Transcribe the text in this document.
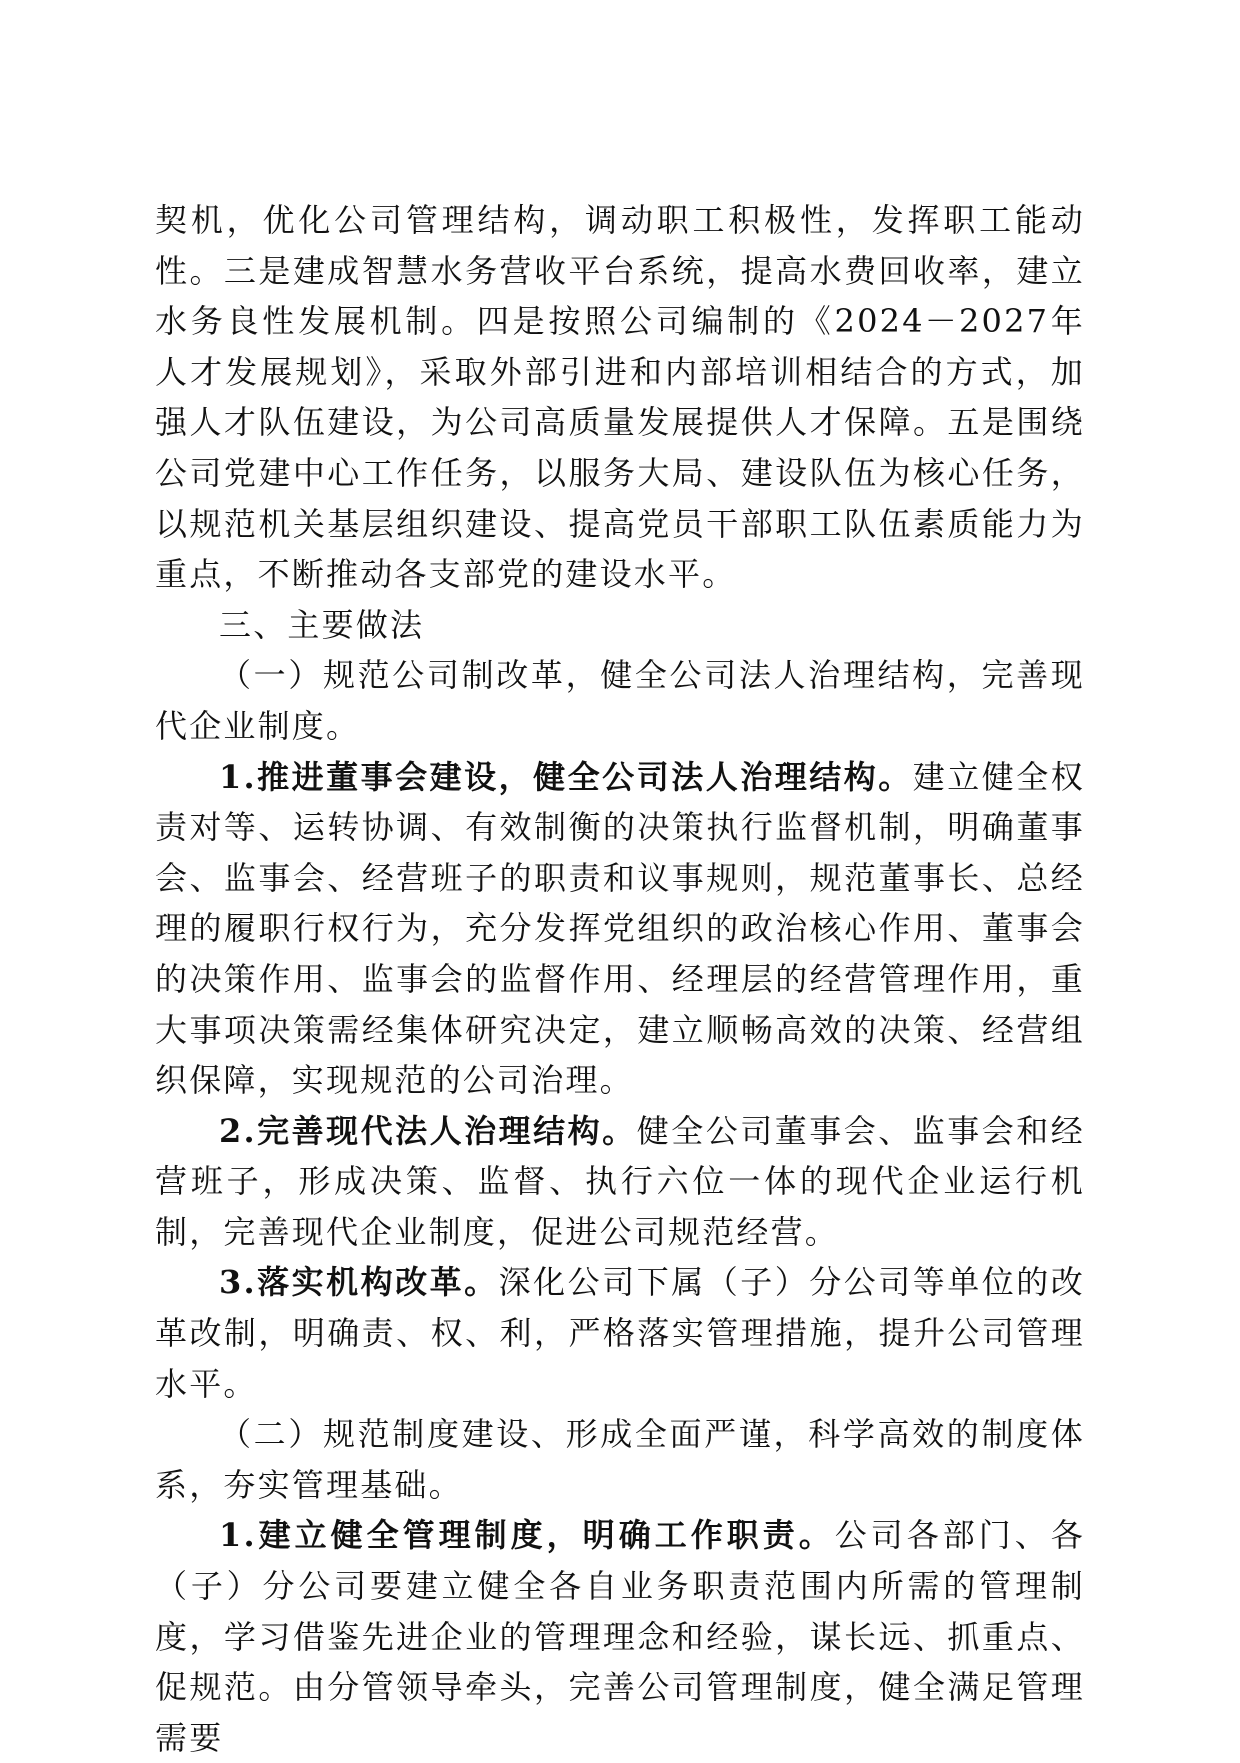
契机，优化公司管理结构，调动职工积极性，发挥职工能动性。三是建成智慧水务营收平台系统，提高水费回收率，建立水务良性发展机制。四是按照公司编制的《2024－2027年人才发展规划》，采取外部引进和内部培训相结合的方式，加强人才队伍建设，为公司高质量发展提供人才保障。五是围绕公司党建中心工作任务，以服务大局、建设队伍为核心任务，以规范机关基层组织建设、提高党员干部职工队伍素质能力为重点，不断推动各支部党的建设水平。

三、主要做法

（一）规范公司制改革，健全公司法人治理结构，完善现代企业制度。

1.推进董事会建设，健全公司法人治理结构。建立健全权责对等、运转协调、有效制衡的决策执行监督机制，明确董事会、监事会、经营班子的职责和议事规则，规范董事长、总经理的履职行权行为，充分发挥党组织的政治核心作用、董事会的决策作用、监事会的监督作用、经理层的经营管理作用，重大事项决策需经集体研究决定，建立顺畅高效的决策、经营组织保障，实现规范的公司治理。

2.完善现代法人治理结构。健全公司董事会、监事会和经营班子，形成决策、监督、执行六位一体的现代企业运行机制，完善现代企业制度，促进公司规范经营。

3.落实机构改革。深化公司下属（子）分公司等单位的改革改制，明确责、权、利，严格落实管理措施，提升公司管理水平。

（二）规范制度建设、形成全面严谨，科学高效的制度体系，夯实管理基础。

1.建立健全管理制度，明确工作职责。公司各部门、各（子）分公司要建立健全各自业务职责范围内所需的管理制度，学习借鉴先进企业的管理理念和经验，谋长远、抓重点、促规范。由分管领导牵头，完善公司管理制度，健全满足管理需要
